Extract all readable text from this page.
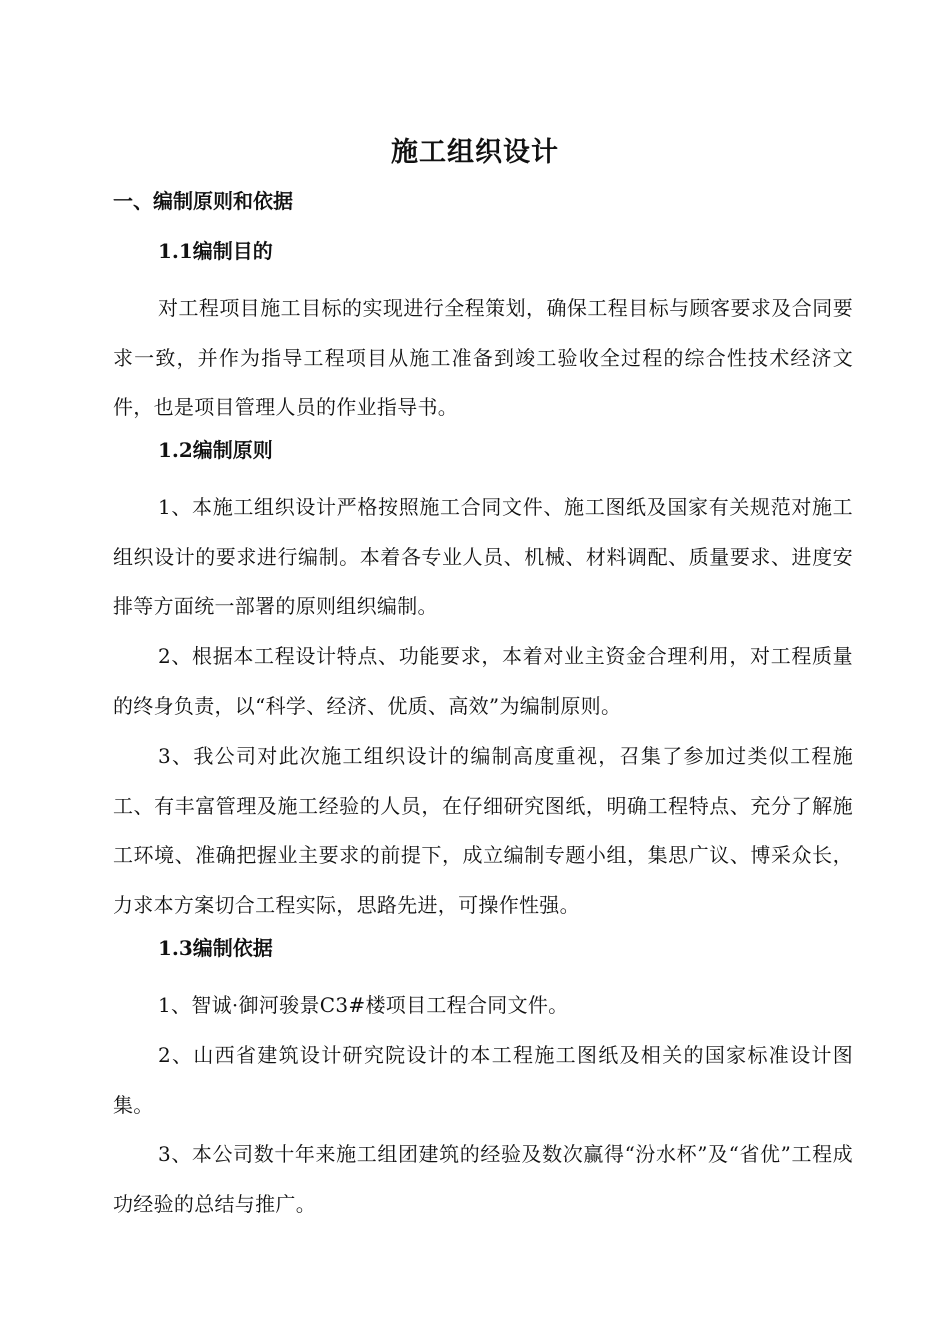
施工组织设计
一、编制原则和依据
1.1编制目的

对工程项目施工目标的实现进行全程策划，确保工程目标与顾客要求及合同要求一致，并作为指导工程项目从施工准备到竣工验收全过程的综合性技术经济文件，也是项目管理人员的作业指导书。

1.2编制原则

1、本施工组织设计严格按照施工合同文件、施工图纸及国家有关规范对施工组织设计的要求进行编制。本着各专业人员、机械、材料调配、质量要求、进度安排等方面统一部署的原则组织编制。

2、根据本工程设计特点、功能要求，本着对业主资金合理利用，对工程质量的终身负责，以“科学、经济、优质、高效”为编制原则。

3、我公司对此次施工组织设计的编制高度重视，召集了参加过类似工程施工、有丰富管理及施工经验的人员，在仔细研究图纸，明确工程特点、充分了解施工环境、准确把握业主要求的前提下，成立编制专题小组，集思广议、博采众长，力求本方案切合工程实际，思路先进，可操作性强。

1.3编制依据

1、智诚·御河骏景C3#楼项目工程合同文件。

2、山西省建筑设计研究院设计的本工程施工图纸及相关的国家标准设计图集。

3、本公司数十年来施工组团建筑的经验及数次赢得“汾水杯”及“省优”工程成功经验的总结与推广。
